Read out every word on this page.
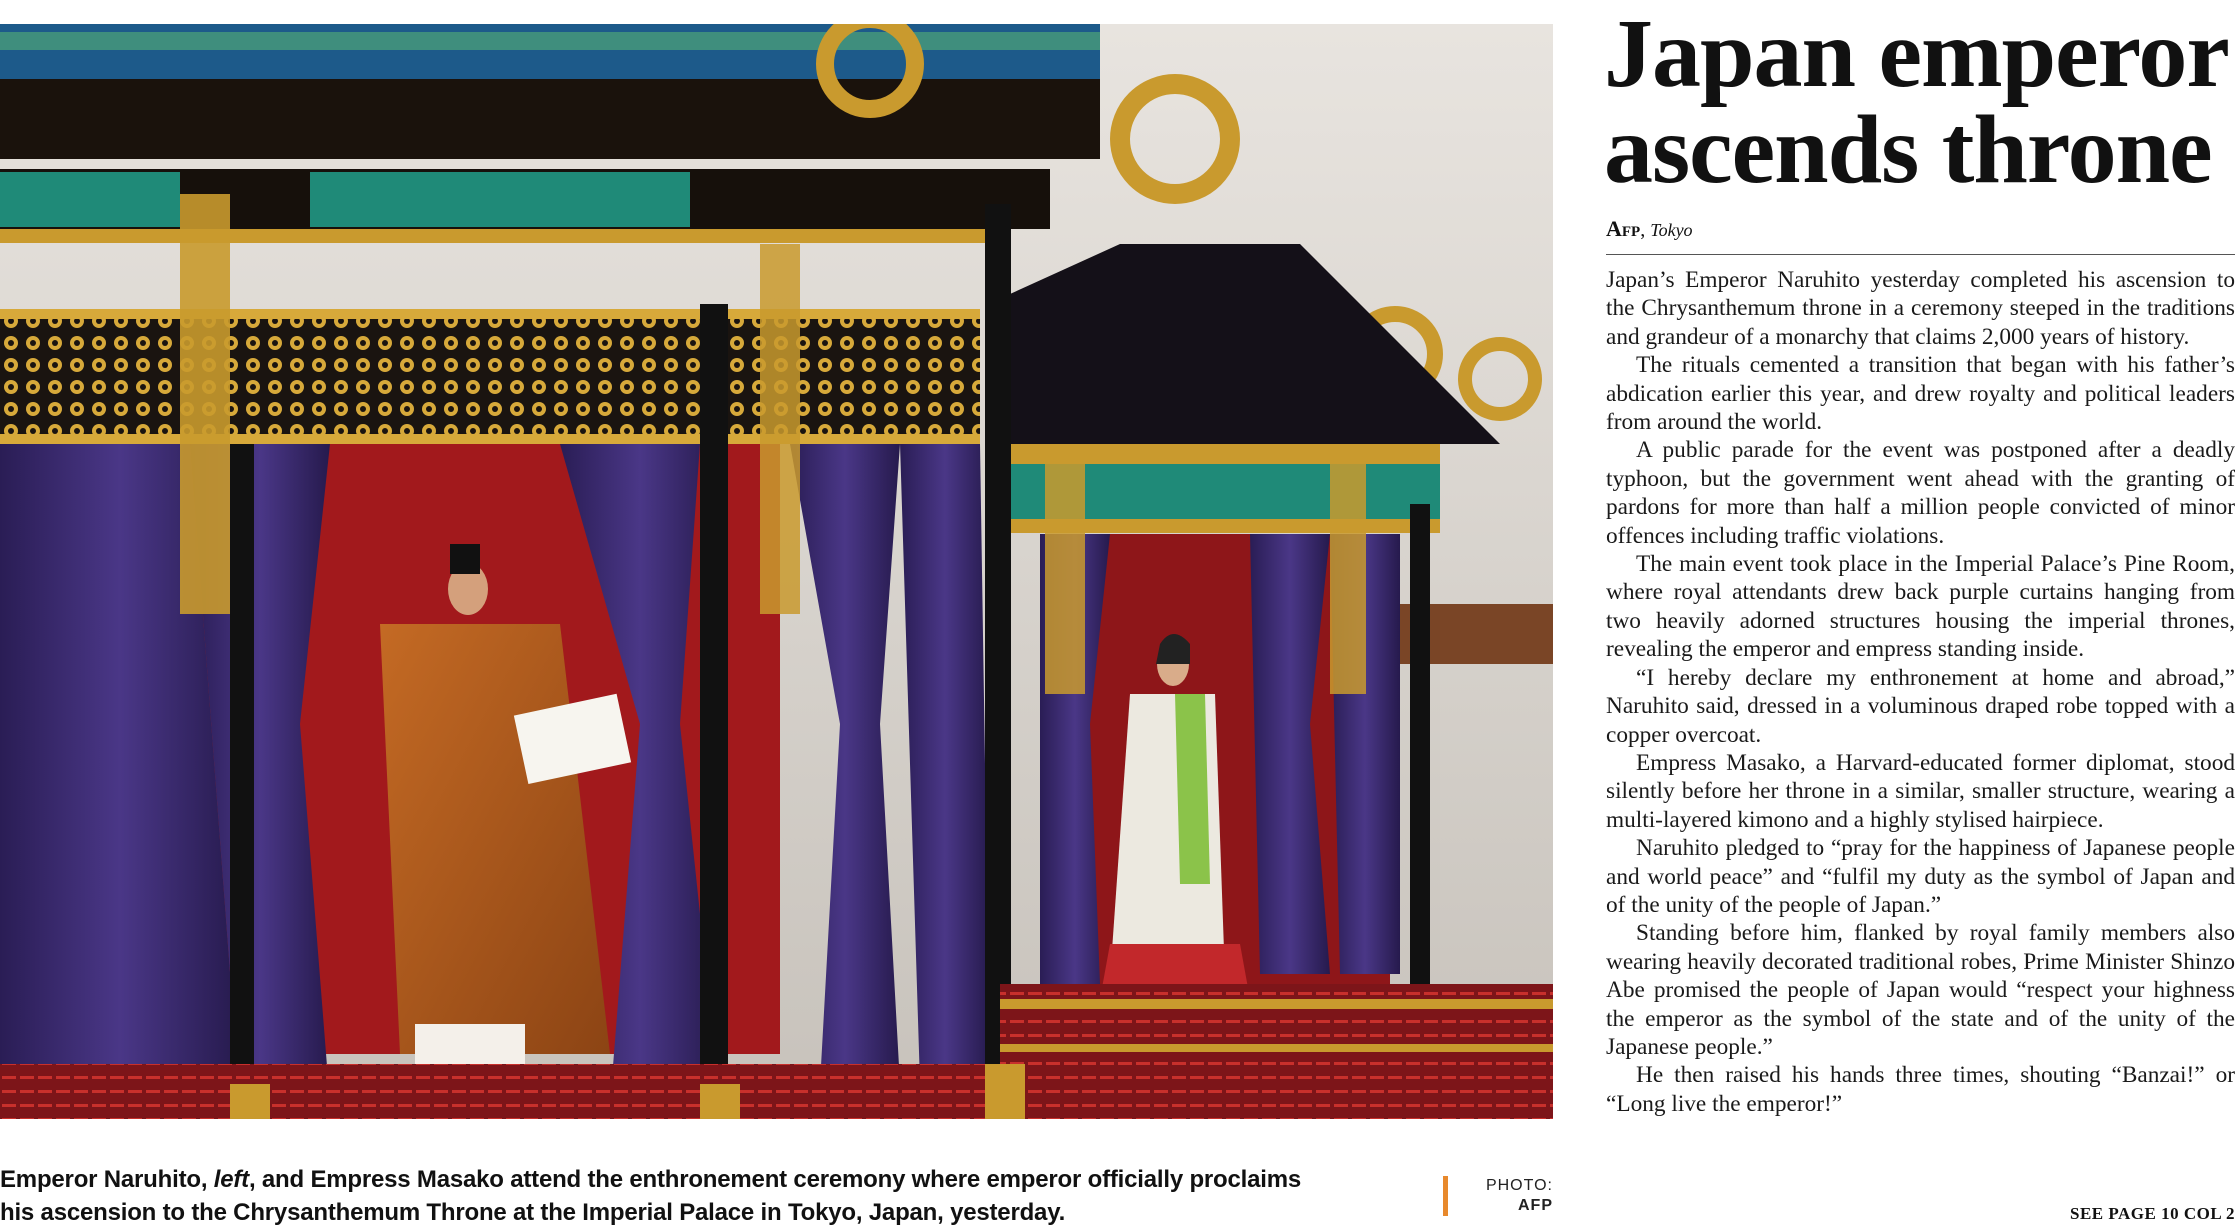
Emperor Naruhito, left, and Empress Masako attend the enthronement ceremony where emperor officially proclaims his ascension to the Chrysanthemum Throne at the Imperial Palace in Tokyo, Japan, yesterday.
PHOTO:
AFP
Japan emperor
ascends throne
Afp, Tokyo

Japan’s Emperor Naruhito yesterday completed his ascension to the Chrysanthemum throne in a ceremony steeped in the traditions and grandeur of a monarchy that claims 2,000 years of history.

The rituals cemented a transition that began with his father’s abdication earlier this year, and drew royalty and political leaders from around the world.

A public parade for the event was postponed after a deadly typhoon, but the government went ahead with the granting of pardons for more than half a million people convicted of minor offences including traffic violations.

The main event took place in the Imperial Palace’s Pine Room, where royal attendants drew back purple curtains hanging from two heavily adorned structures housing the imperial thrones, revealing the emperor and empress standing inside.

“I hereby declare my enthronement at home and abroad,” Naruhito said, dressed in a voluminous draped robe topped with a copper overcoat.

Empress Masako, a Harvard-educated former diplomat, stood silently before her throne in a similar, smaller structure, wearing a multi-layered kimono and a highly stylised hairpiece.

Naruhito pledged to “pray for the happiness of Japanese people and world peace” and “fulfil my duty as the symbol of Japan and of the unity of the people of Japan.”

Standing before him, flanked by royal family members also wearing heavily decorated traditional robes, Prime Minister Shinzo Abe promised the people of Japan would “respect your highness the emperor as the symbol of the state and of the unity of the Japanese people.”

He then raised his hands three times, shouting “Banzai!” or “Long live the emperor!”

SEE PAGE 10 COL 2
